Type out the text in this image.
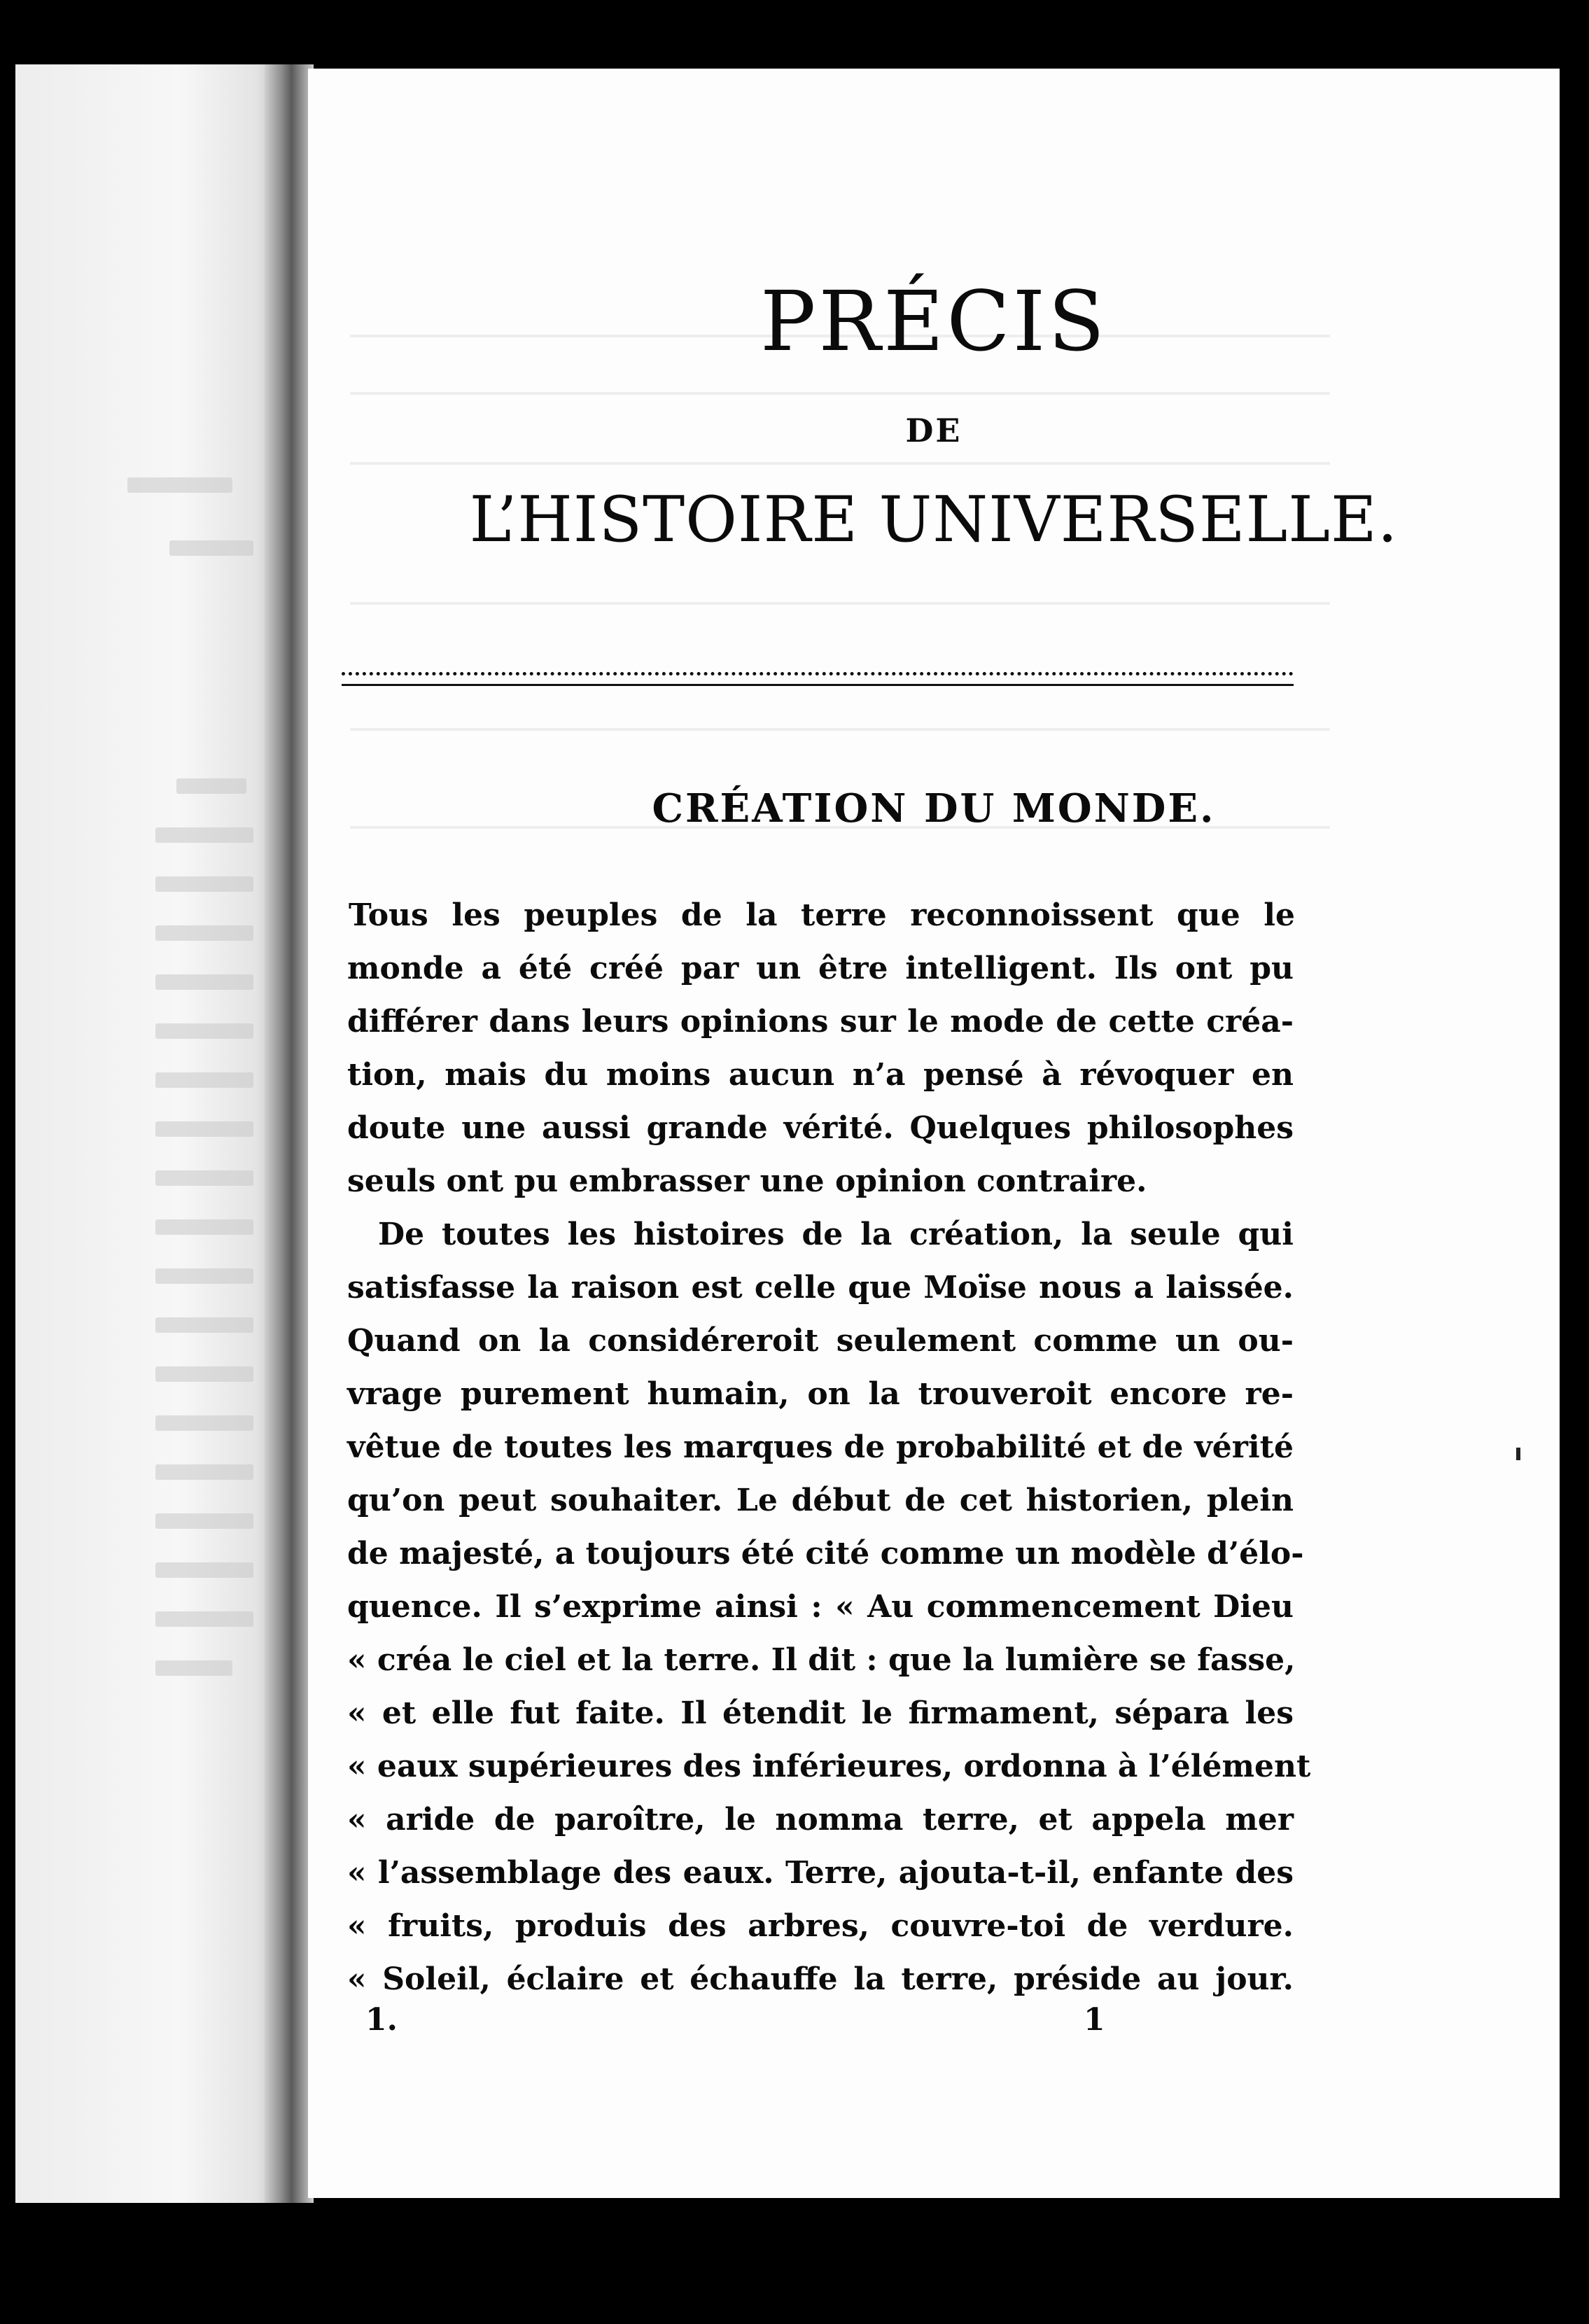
PRÉCIS
DE
L’HISTOIRE UNIVERSELLE.
CRÉATION DU MONDE.

Tous les peuples de la terre reconnoissent que le

monde a été créé par un être intelligent. Ils ont pu

différer dans leurs opinions sur le mode de cette créa-

tion, mais du moins aucun n’a pensé à révoquer en

doute une aussi grande vérité. Quelques philosophes

seuls ont pu embrasser une opinion contraire.

De toutes les histoires de la création, la seule qui

satisfasse la raison est celle que Moïse nous a laissée.

Quand on la considéreroit seulement comme un ou-

vrage purement humain, on la trouveroit encore re-

vêtue de toutes les marques de probabilité et de vérité

qu’on peut souhaiter. Le début de cet historien, plein

de majesté, a toujours été cité comme un modèle d’élo-

quence. Il s’exprime ainsi : « Au commencement Dieu

« créa le ciel et la terre. Il dit : que la lumière se fasse,

« et elle fut faite. Il étendit le firmament, sépara les

« eaux supérieures des inférieures, ordonna à l’élément

« aride de paroître, le nomma terre, et appela mer

« l’assemblage des eaux. Terre, ajouta-t-il, enfante des

« fruits, produis des arbres, couvre-toi de verdure.

« Soleil, éclaire et échauffe la terre, préside au jour.

1.	1
